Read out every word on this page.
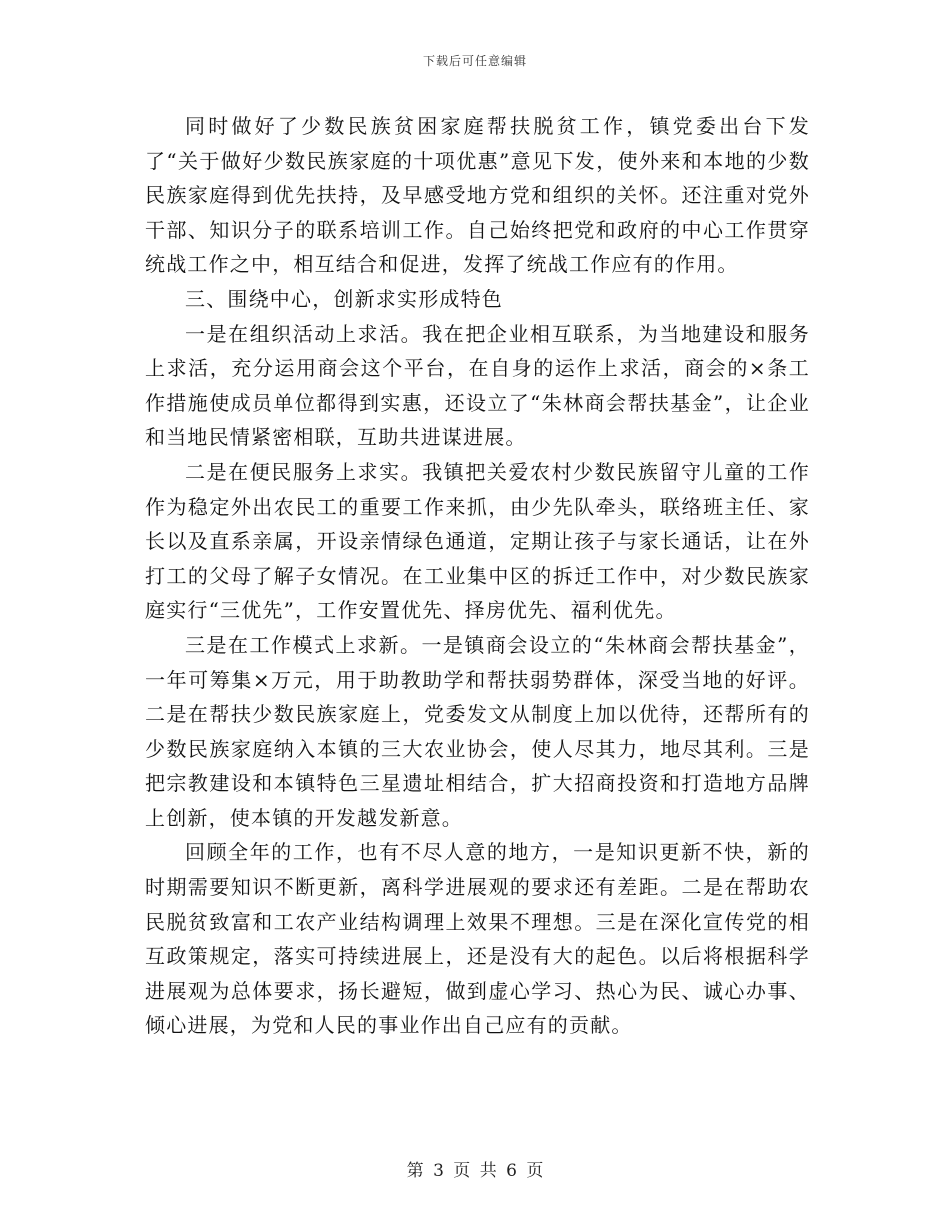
下载后可任意编辑

同时做好了少数民族贫困家庭帮扶脱贫工作，镇党委出台下发了“关于做好少数民族家庭的十项优惠”意见下发，使外来和本地的少数民族家庭得到优先扶持，及早感受地方党和组织的关怀。还注重对党外干部、知识分子的联系培训工作。自己始终把党和政府的中心工作贯穿统战工作之中，相互结合和促进，发挥了统战工作应有的作用。

三、围绕中心，创新求实形成特色

一是在组织活动上求活。我在把企业相互联系，为当地建设和服务上求活，充分运用商会这个平台，在自身的运作上求活，商会的×条工作措施使成员单位都得到实惠，还设立了“朱林商会帮扶基金”，让企业和当地民情紧密相联，互助共进谋进展。

二是在便民服务上求实。我镇把关爱农村少数民族留守儿童的工作作为稳定外出农民工的重要工作来抓，由少先队牵头，联络班主任、家长以及直系亲属，开设亲情绿色通道，定期让孩子与家长通话，让在外打工的父母了解子女情况。在工业集中区的拆迁工作中，对少数民族家庭实行“三优先”，工作安置优先、择房优先、福利优先。

三是在工作模式上求新。一是镇商会设立的“朱林商会帮扶基金”，一年可筹集×万元，用于助教助学和帮扶弱势群体，深受当地的好评。二是在帮扶少数民族家庭上，党委发文从制度上加以优待，还帮所有的少数民族家庭纳入本镇的三大农业协会，使人尽其力，地尽其利。三是把宗教建设和本镇特色三星遗址相结合，扩大招商投资和打造地方品牌上创新，使本镇的开发越发新意。

回顾全年的工作，也有不尽人意的地方，一是知识更新不快，新的时期需要知识不断更新，离科学进展观的要求还有差距。二是在帮助农民脱贫致富和工农产业结构调理上效果不理想。三是在深化宣传党的相互政策规定，落实可持续进展上，还是没有大的起色。以后将根据科学进展观为总体要求，扬长避短，做到虚心学习、热心为民、诚心办事、倾心进展，为党和人民的事业作出自己应有的贡献。

第 3 页 共 6 页
